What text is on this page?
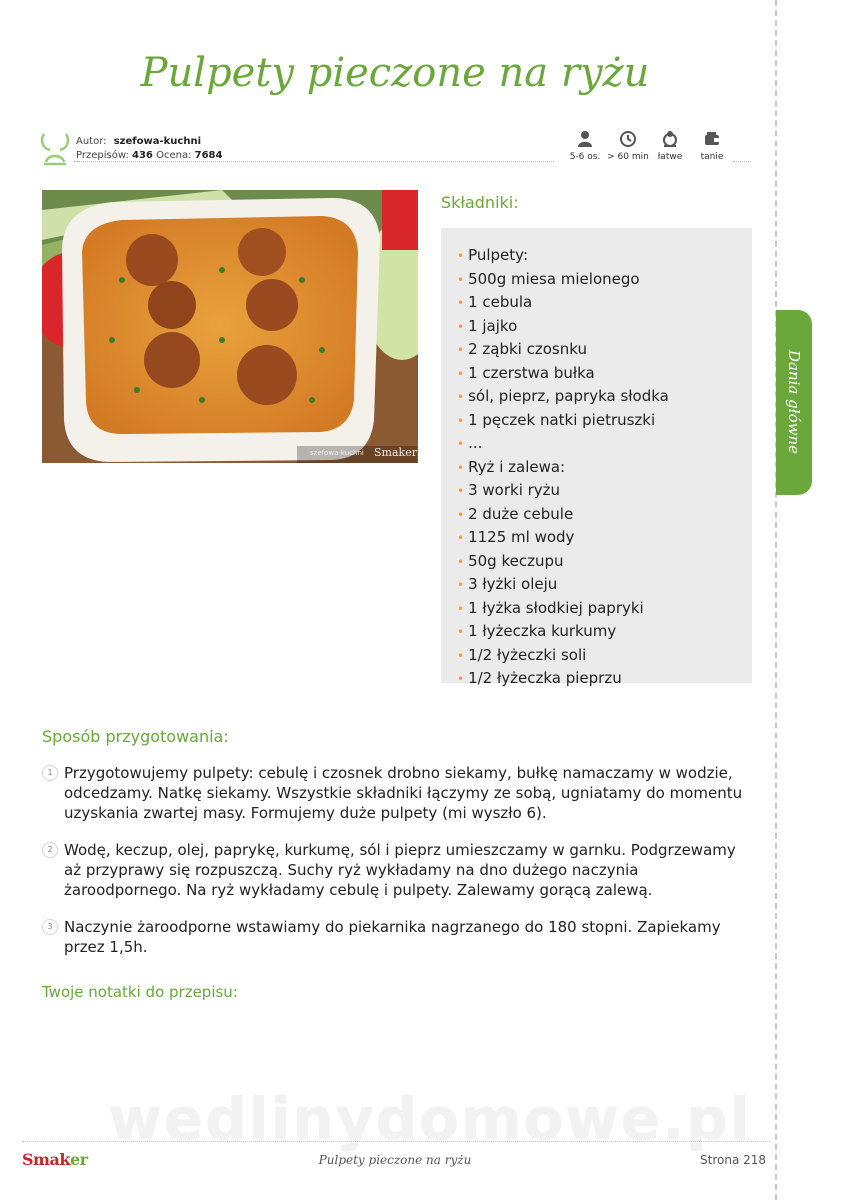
Dania główne
Pulpety pieczone na ryżu
Autor: szefowa-kuchni
Przepisów: 436 Ocena: 7684	5-6 os. > 60 min łatwe	tanie
szefowa-kuchni Smaker
Składniki:
• Pulpety:
• 500g miesa mielonego
• 1 cebula
• 1 jajko
• 2 ząbki czosnku
• 1 czerstwa bułka
• sól, pieprz, papryka słodka
• 1 pęczek natki pietruszki
• ...
• Ryż i zalewa:
• 3 worki ryżu
• 2 duże cebule
• 1125 ml wody
• 50g keczupu
• 3 łyżki oleju
• 1 łyżka słodkiej papryki
• 1 łyżeczka kurkumy
• 1/2 łyżeczki soli
• 1/2 łyżeczka pieprzu
Sposób przygotowania:
1 Przygotowujemy pulpety: cebulę i czosnek drobno siekamy, bułkę namaczamy w wodzie, odcedzamy. Natkę siekamy. Wszystkie składniki łączymy ze sobą, ugniatamy do momentu uzyskania zwartej masy. Formujemy duże pulpety (mi wyszło 6).
2 Wodę, keczup, olej, paprykę, kurkumę, sól i pieprz umieszczamy w garnku. Podgrzewamy aż przyprawy się rozpuszczą. Suchy ryż wykładamy na dno dużego naczynia żaroodpornego. Na ryż wykładamy cebulę i pulpety. Zalewamy gorącą zalewą.
3 Naczynie żaroodporne wstawiamy do piekarnika nagrzanego do 180 stopni. Zapiekamy przez 1,5h.
Twoje notatki do przepisu:
wedlinydomowe.pl
Smaker	Pulpety pieczone na ryżu	Strona 218
